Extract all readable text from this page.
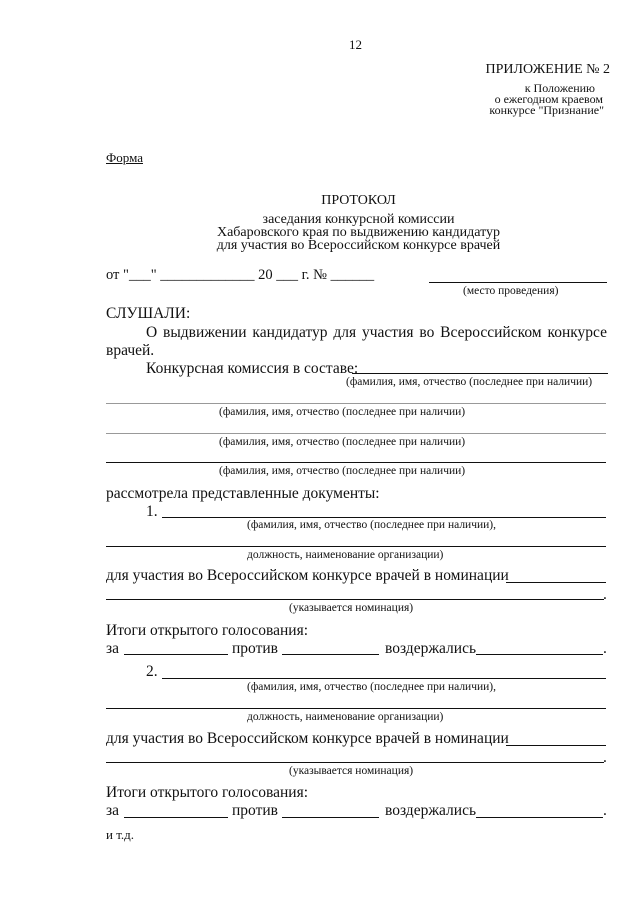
12
ПРИЛОЖЕНИЕ № 2
к Положению
о ежегодном краевом
конкурсе "Признание"
Форма
ПРОТОКОЛ
заседания конкурсной комиссии
Хабаровского края по выдвижению кандидатур
для участия во Всероссийском конкурсе врачей
от "___" _____________ 20 ___ г. № ______
(место проведения)
СЛУШАЛИ:
О выдвижении кандидатур для участия во Всероссийском конкурсе
врачей.
Конкурсная комиссия в составе:
(фамилия, имя, отчество (последнее при наличии)
(фамилия, имя, отчество (последнее при наличии)
(фамилия, имя, отчество (последнее при наличии)
(фамилия, имя, отчество (последнее при наличии)
рассмотрела представленные документы:
1.
(фамилия, имя, отчество (последнее при наличии),
должность, наименование организации)
для участия во Всероссийском конкурсе врачей в номинации
.
(указывается номинация)
Итоги открытого голосования:
за	против	воздержались	.
2.
(фамилия, имя, отчество (последнее при наличии),
должность, наименование организации)
для участия во Всероссийском конкурсе врачей в номинации
.
(указывается номинация)
Итоги открытого голосования:
за	против	воздержались	.
и т.д.
